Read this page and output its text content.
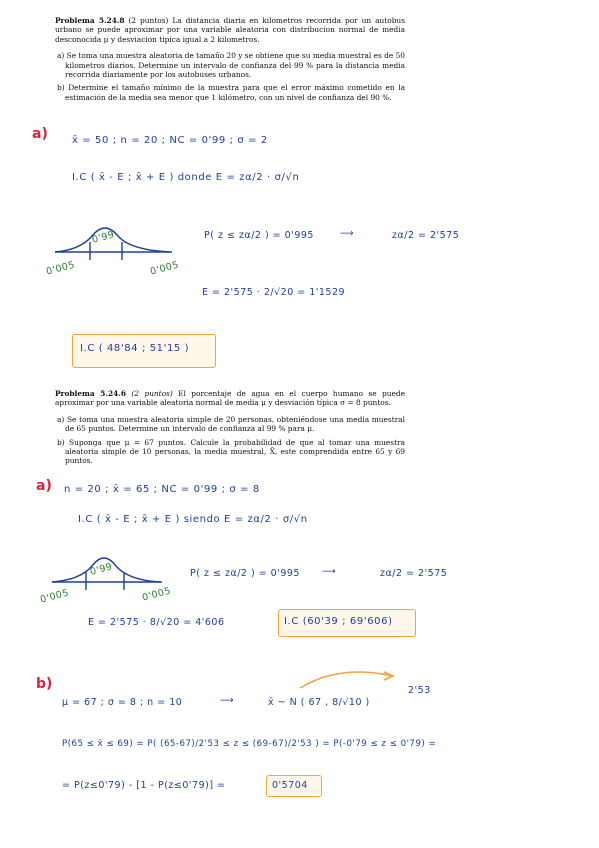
Problema 5.24.8 (2 puntos) La distancia diaria en kilometros recorrida por un autobus urbano se puede aproximar por una variable aleatoria con distribucion normal de media desconocida μ y desviacion tipica igual a 2 kilometros.
a) Se toma una muestra aleatoria de tamaño 20 y se obtiene que su media muestral es de 50 kilometros diarios. Determine un intervalo de confianza del 99 % para la distancia media recorrida diariamente por los autobuses urbanos.
b) Determine el tamaño mínimo de la muestra para que el error máximo cometido en la estimación de la media sea menor que 1 kilómetro, con un nivel de confianza del 90 %.
a) x̄ = 50 ; n = 20 ; NC = 0'99 ; σ = 2
I.C ( x̄ - E ; x̄ + E ) donde E = zα/2 · σ/√n
0'99
0'005	0'005
P( z ≤ zα/2 ) = 0'995	⟶	zα/2 = 2'575
E = 2'575 · 2/√20 = 1'1529
I.C ( 48'84 ; 51'15 )
Problema 5.24.6 (2 puntos) El porcentaje de agua en el cuerpo humano se puede aproximar por una variable aleatoria normal de media μ y desviación típica σ = 8 puntos.
a) Se toma una muestra aleatoria simple de 20 personas, obteniéndose una media muestral de 65 puntos. Determine un intervalo de confianza al 99 % para μ.
b) Suponga que μ = 67 puntos. Calcule la probabilidad de que al tomar una muestra aleatoria simple de 10 personas, la media muestral, X̄, este comprendida entre 65 y 69 puntos.
a) n = 20 ; x̄ = 65 ; NC = 0'99 ; σ = 8
I.C ( x̄ - E ; x̄ + E ) siendo E = zα/2 · σ/√n
0'99
0'005	0'005
P( z ≤ zα/2 ) = 0'995 ⟶	zα/2 = 2'575
E = 2'575 · 8/√20 = 4'606	I.C (60'39 ; 69'606)
b)
μ = 67 ; σ = 8 ; n = 10	⟶	x̄ ~ N ( 67 , 8/√10 )
2'53
P(65 ≤ x̄ ≤ 69) = P( (65-67)/2'53 ≤ z ≤ (69-67)/2'53 ) = P(-0'79 ≤ z ≤ 0'79) =
= P(z≤0'79) - [1 - P(z≤0'79)] =	0'5704
